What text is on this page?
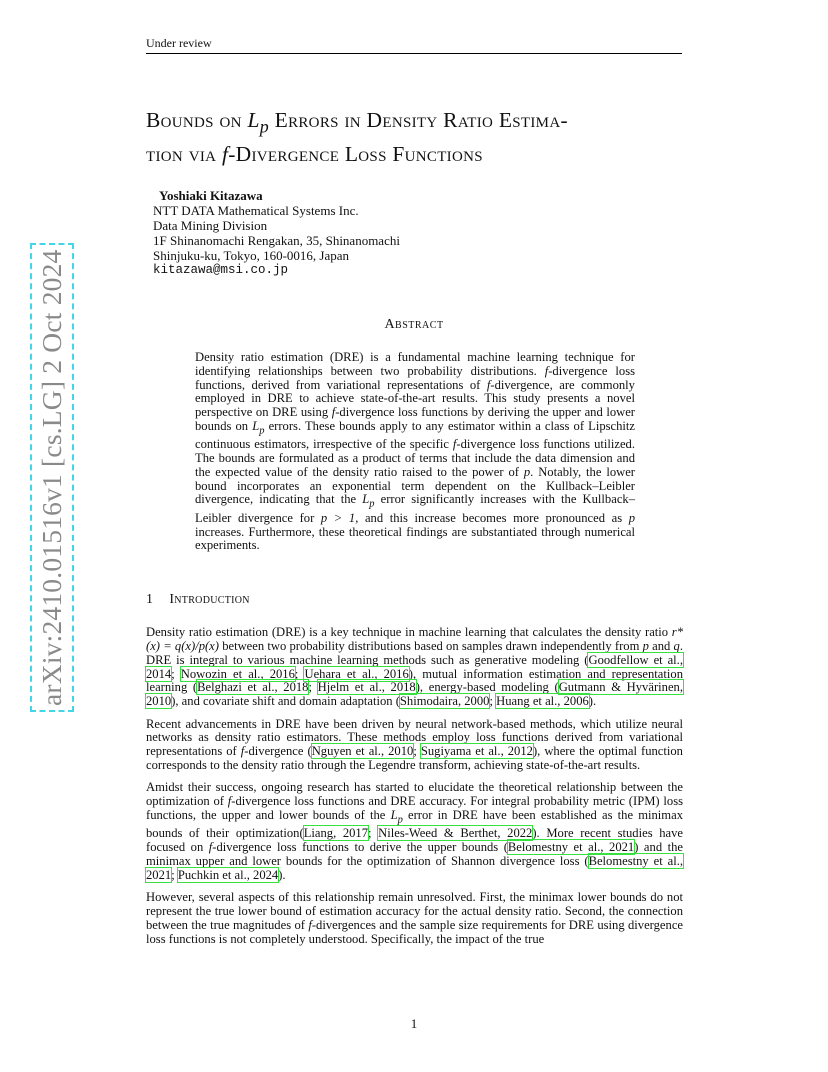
Under review
arXiv:2410.01516v1 [cs.LG] 2 Oct 2024
Bounds on $L_p$ Errors in Density Ratio Estima-
tion via f-Divergence Loss Functions
Yoshiaki Kitazawa
NTT DATA Mathematical Systems Inc.
Data Mining Division
1F Shinanomachi Rengakan, 35, Shinanomachi
Shinjuku-ku, Tokyo, 160-0016, Japan
kitazawa@msi.co.jp
Abstract
Density ratio estimation (DRE) is a fundamental machine learning technique for identifying relationships between two probability distributions. f-divergence loss functions, derived from variational representations of f-divergence, are commonly employed in DRE to achieve state-of-the-art results. This study presents a novel perspective on DRE using f-divergence loss functions by deriving the upper and lower bounds on $L_p$ errors. These bounds apply to any estimator within a class of Lipschitz continuous estimators, irrespective of the specific f-divergence loss functions utilized. The bounds are formulated as a product of terms that include the data dimension and the expected value of the density ratio raised to the power of p. Notably, the lower bound incorporates an exponential term dependent on the Kullback–Leibler divergence, indicating that the $L_p$ error significantly increases with the Kullback–Leibler divergence for p > 1, and this increase becomes more pronounced as p increases. Furthermore, these theoretical findings are substantiated through numerical experiments.
1 Introduction

Density ratio estimation (DRE) is a key technique in machine learning that calculates the density ratio r*(x) = q(x)/p(x) between two probability distributions based on samples drawn independently from p and q. DRE is integral to various machine learning methods such as generative modeling (Goodfellow et al., 2014; Nowozin et al., 2016; Uehara et al., 2016), mutual information estimation and representation learning (Belghazi et al., 2018; Hjelm et al., 2018), energy-based modeling (Gutmann & Hyvärinen, 2010), and covariate shift and domain adaptation (Shimodaira, 2000; Huang et al., 2006).

Recent advancements in DRE have been driven by neural network-based methods, which utilize neural networks as density ratio estimators. These methods employ loss functions derived from variational representations of f-divergence (Nguyen et al., 2010; Sugiyama et al., 2012), where the optimal function corresponds to the density ratio through the Legendre transform, achieving state-of-the-art results.

Amidst their success, ongoing research has started to elucidate the theoretical relationship between the optimization of f-divergence loss functions and DRE accuracy. For integral probability metric (IPM) loss functions, the upper and lower bounds of the $L_p$ error in DRE have been established as the minimax bounds of their optimization(Liang, 2017; Niles-Weed & Berthet, 2022). More recent studies have focused on f-divergence loss functions to derive the upper bounds (Belomestny et al., 2021) and the minimax upper and lower bounds for the optimization of Shannon divergence loss (Belomestny et al., 2021; Puchkin et al., 2024).

However, several aspects of this relationship remain unresolved. First, the minimax lower bounds do not represent the true lower bound of estimation accuracy for the actual density ratio. Second, the connection between the true magnitudes of f-divergences and the sample size requirements for DRE using divergence loss functions is not completely understood. Specifically, the impact of the true

1
